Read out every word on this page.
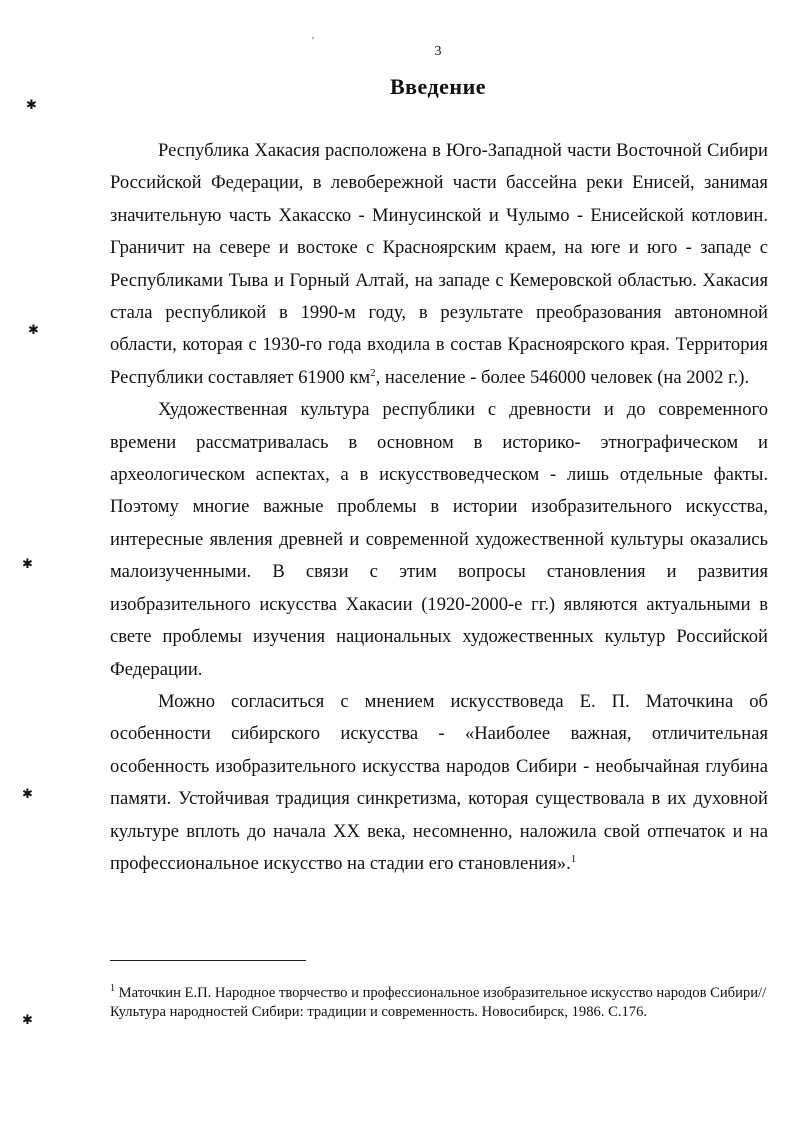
′
✱
✱
✱
✱
✱
3
Введение

Республика Хакасия расположена в Юго-Западной части Восточной Сибири Российской Федерации, в левобережной части бассейна реки Енисей, занимая значительную часть Хакасско - Минусинской и Чулымо - Енисейской котловин. Граничит на севере и востоке с Красноярским краем, на юге и юго - западе с Республиками Тыва и Горный Алтай, на западе с Кемеровской областью. Хакасия стала республикой в 1990-м году, в результате преобразования автономной области, которая с 1930-го года входила в состав Красноярского края. Территория Республики составляет 61900 $км^2$, население - более 546000 человек (на 2002 г.).

Художественная культура республики с древности и до современного времени рассматривалась в основном в историко- этнографическом и археологическом аспектах, а в искусствоведческом - лишь отдельные факты. Поэтому многие важные проблемы в истории изобразительного искусства, интересные явления древней и современной художественной культуры оказались малоизученными. В связи с этим вопросы становления и развития изобразительного искусства Хакасии (1920-2000-е гг.) являются актуальными в свете проблемы изучения национальных художественных культур Российской Федерации.

Можно согласиться с мнением искусствоведа Е. П. Маточкина об особенности сибирского искусства - «Наиболее важная, отличительная особенность изобразительного искусства народов Сибири - необычайная глубина памяти. Устойчивая традиция синкретизма, которая существовала в их духовной культуре вплоть до начала XX века, несомненно, наложила свой отпечаток и на профессиональное искусство на стадии его становления».$^1$

$^1$ Маточкин Е.П. Народное творчество и профессиональное изобразительное искусство народов Сибири//Культура народностей Сибири: традиции и современность. Новосибирск, 1986. С.176.
